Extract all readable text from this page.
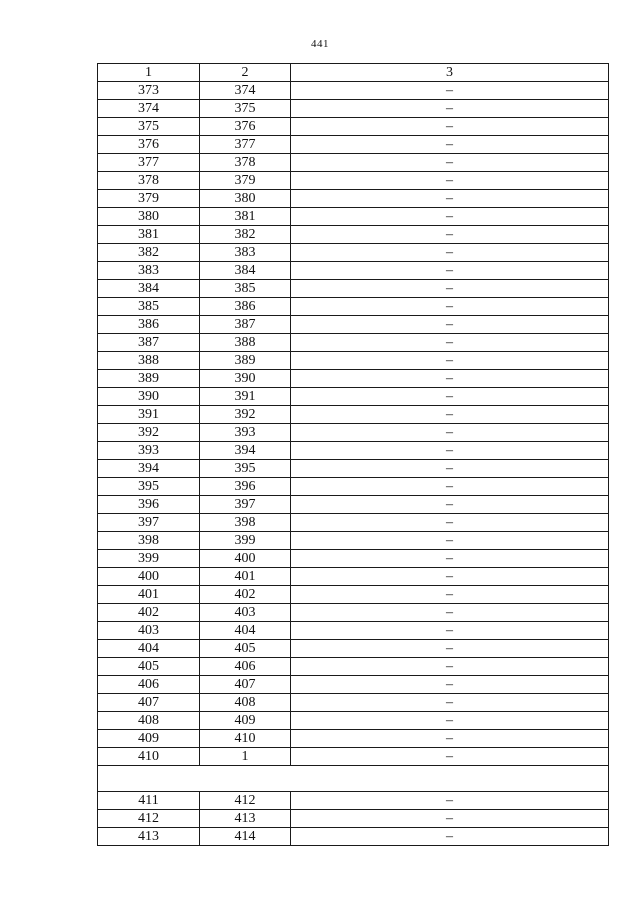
441
1	2	3
373	374	–
374	375	–
375	376	–
376	377	–
377	378	–
378	379	–
379	380	–
380	381	–
381	382	–
382	383	–
383	384	–
384	385	–
385	386	–
386	387	–
387	388	–
388	389	–
389	390	–
390	391	–
391	392	–
392	393	–
393	394	–
394	395	–
395	396	–
396	397	–
397	398	–
398	399	–
399	400	–
400	401	–
401	402	–
402	403	–
403	404	–
404	405	–
405	406	–
406	407	–
407	408	–
408	409	–
409	410	–
410	1	–

411	412	–
412	413	–
413	414	–
